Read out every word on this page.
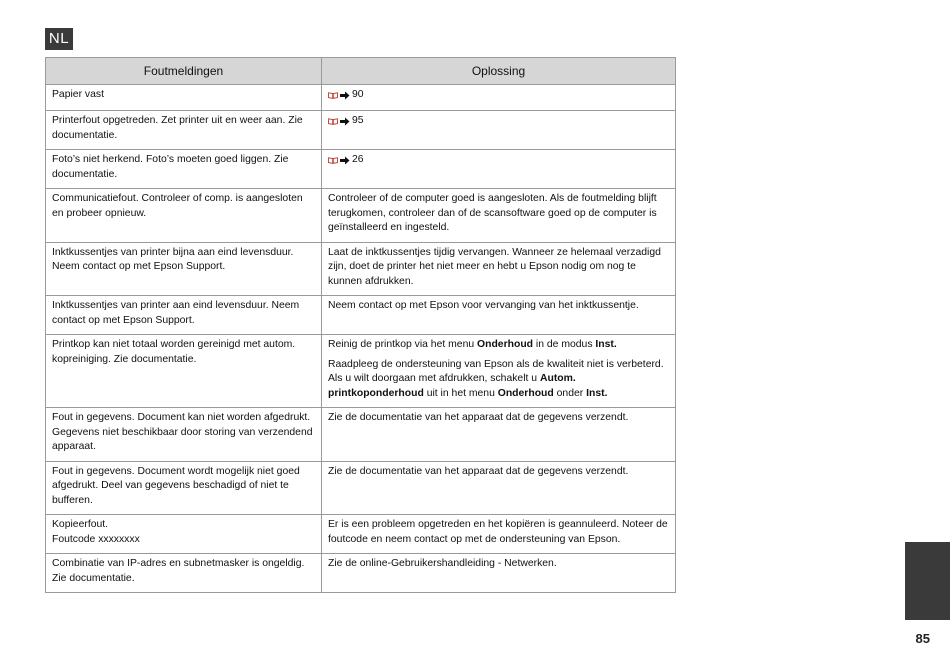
NL
Foutmeldingen	Oplossing
Papier vast	90

Printerfout opgetreden. Zet printer uit en weer aan. Zie documentatie.	95

Foto’s niet herkend. Foto’s moeten goed liggen. Zie documentatie.	26

Communicatiefout. Controleer of comp. is aangesloten en probeer opnieuw.	Controleer of de computer goed is aangesloten. Als de foutmelding blijft terugkomen, controleer dan of de scansoftware goed op de computer is geïnstalleerd en ingesteld.
Inktkussentjes van printer bijna aan eind levensduur. Neem contact op met Epson Support.	Laat de inktkussentjes tijdig vervangen. Wanneer ze helemaal verzadigd zijn, doet de printer het niet meer en hebt u Epson nodig om nog te kunnen afdrukken.
Inktkussentjes van printer aan eind levensduur. Neem contact op met Epson Support.	Neem contact op met Epson voor vervanging van het inktkussentje.
Printkop kan niet totaal worden gereinigd met autom. kopreiniging. Zie documentatie.	Reinig de printkop via het menu Onderhoud in de modus Inst.
Raadpleeg de ondersteuning van Epson als de kwaliteit niet is verbeterd. Als u wilt doorgaan met afdrukken, schakelt u Autom. printkoponderhoud uit in het menu Onderhoud onder Inst.

Fout in gegevens. Document kan niet worden afgedrukt. Gegevens niet beschikbaar door storing van verzendend apparaat.	Zie de documentatie van het apparaat dat de gegevens verzendt.
Fout in gegevens. Document wordt mogelijk niet goed afgedrukt. Deel van gegevens beschadigd of niet te bufferen.	Zie de documentatie van het apparaat dat de gegevens verzendt.

Kopieerfout.
Foutcode xxxxxxxx	Er is een probleem opgetreden en het kopiëren is geannuleerd. Noteer de foutcode en neem contact op met de ondersteuning van Epson.
Combinatie van IP-adres en subnetmasker is ongeldig. Zie documentatie.	Zie de online-Gebruikershandleiding - Netwerken.
85
